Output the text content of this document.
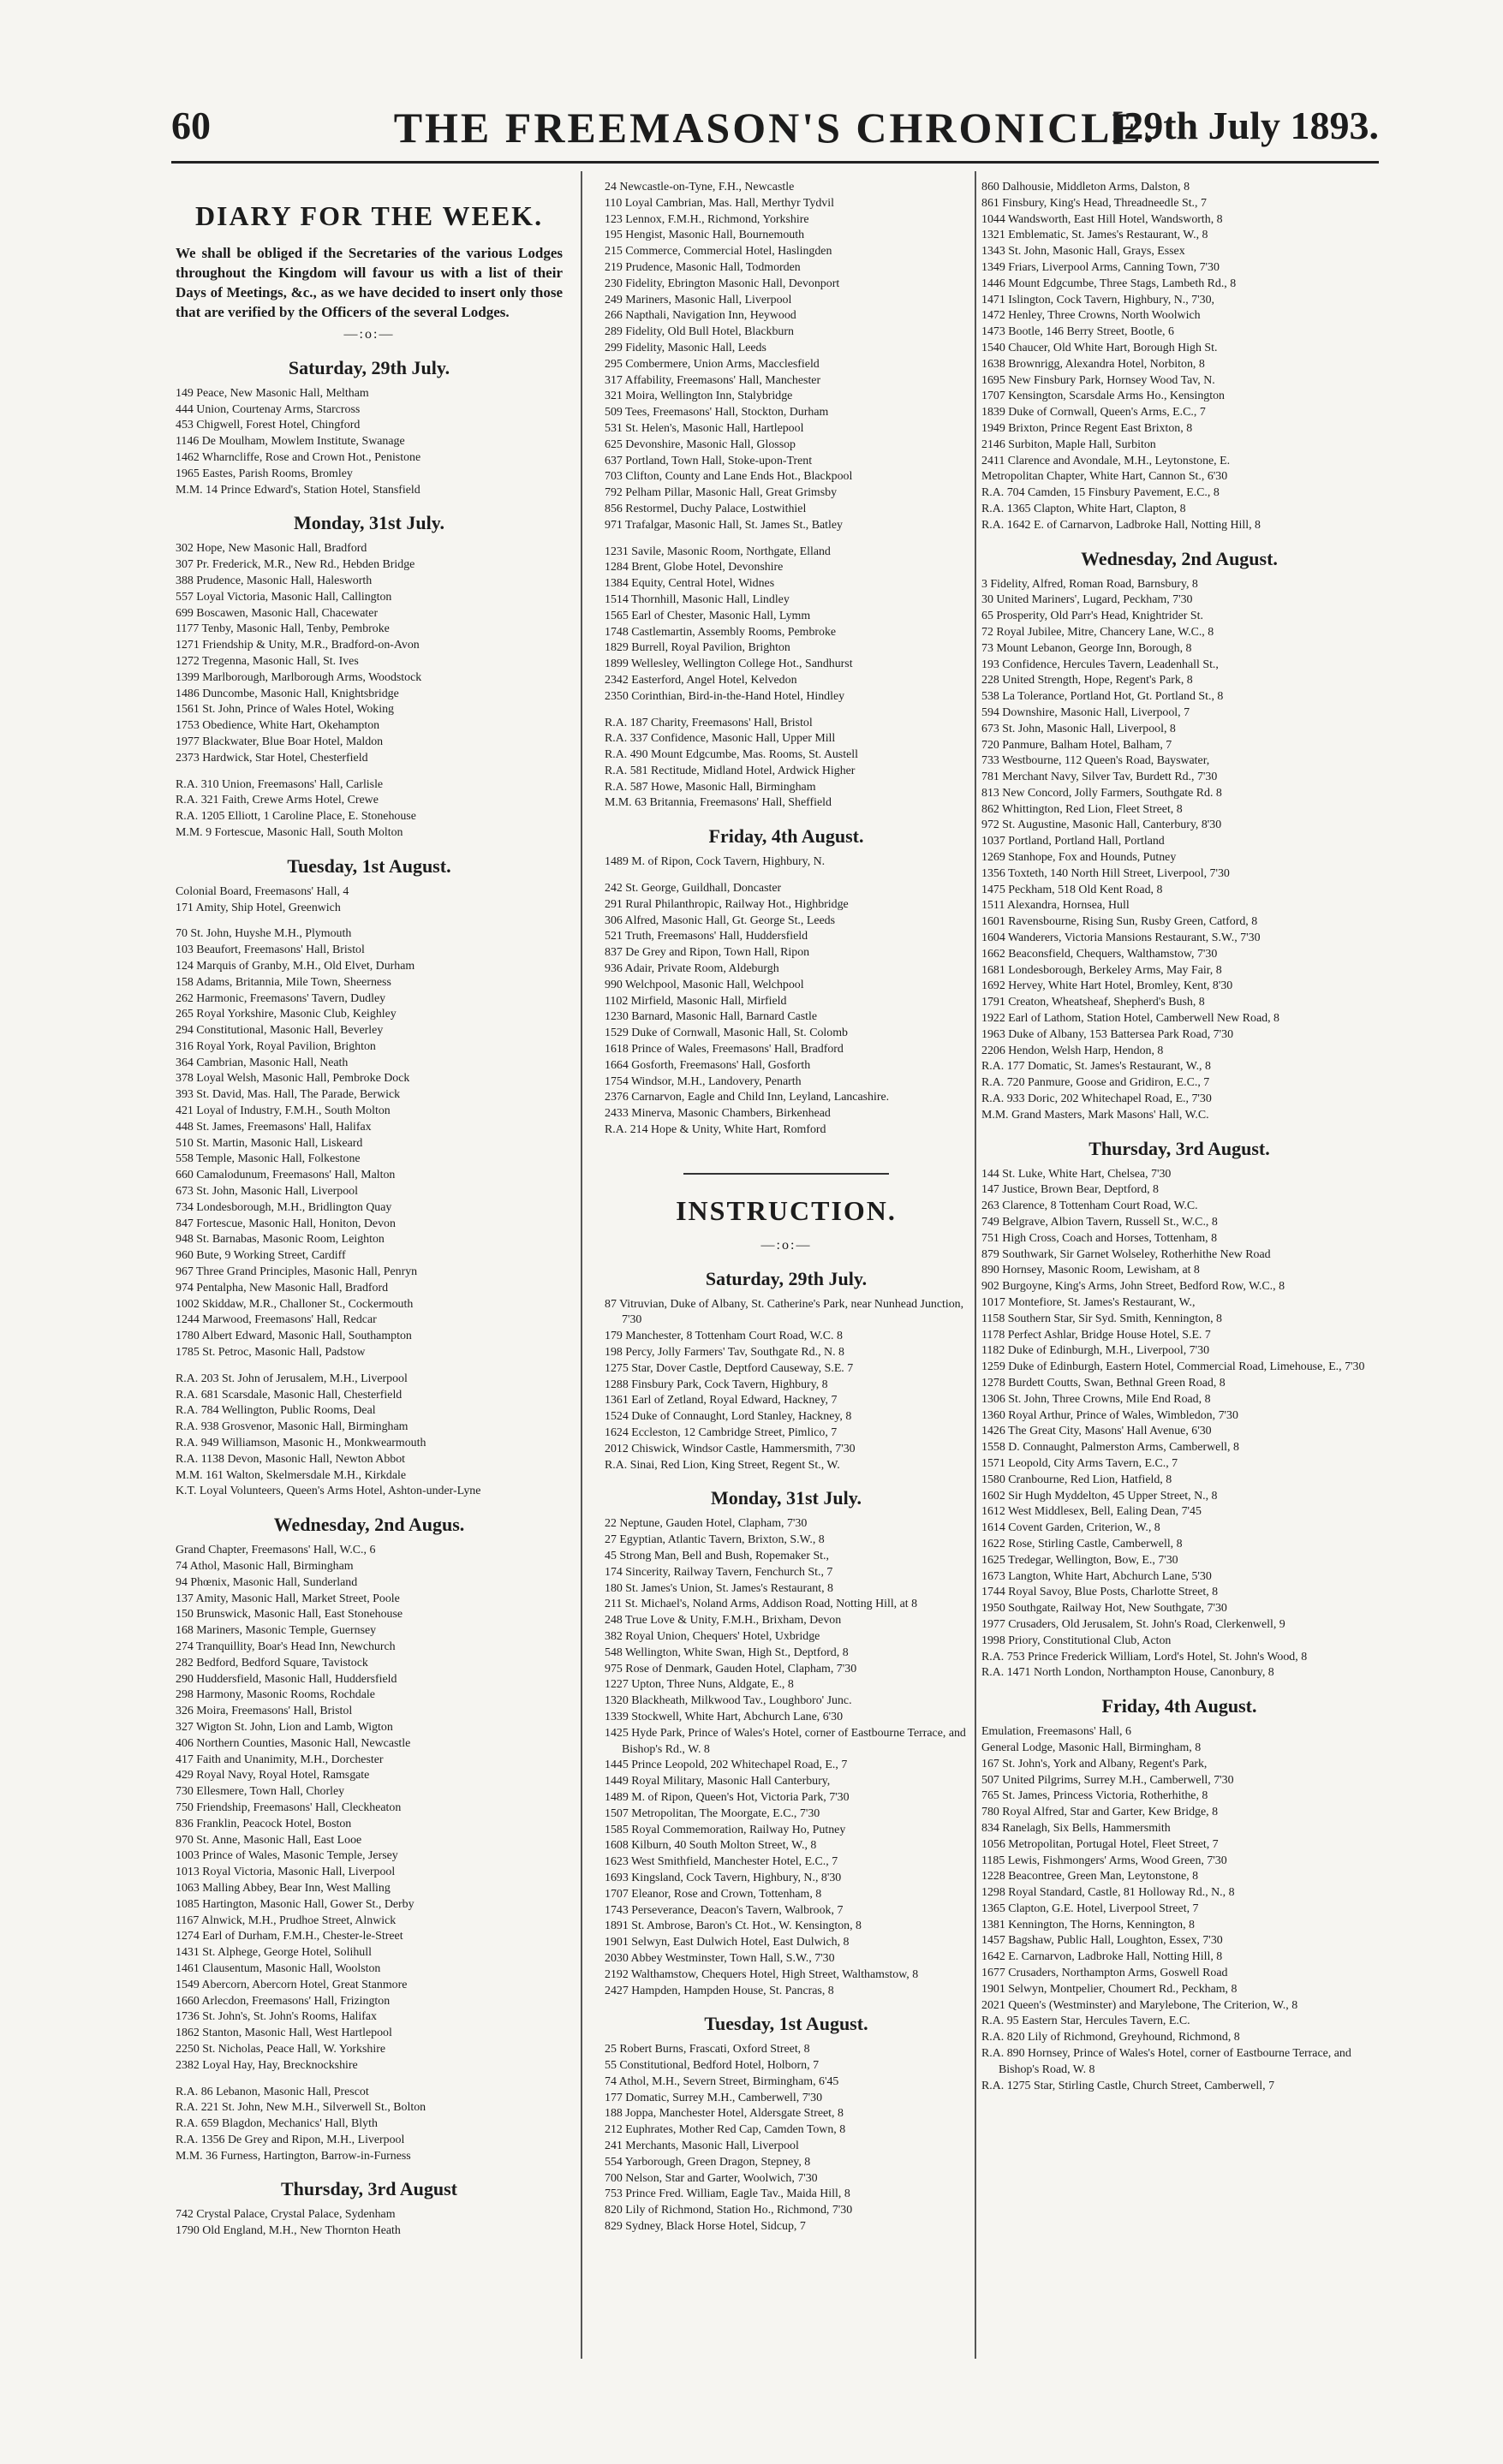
60	THE FREEMASON'S CHRONICLE.
[29th July 1893.
DIARY FOR THE WEEK.
We shall be obliged if the Secretaries of the various Lodges throughout the Kingdom will favour us with a list of their Days of Meetings, &c., as we have decided to insert only those that are verified by the Officers of the several Lodges.
—:o:—
Saturday, 29th July.

149 Peace, New Masonic Hall, Meltham

444 Union, Courtenay Arms, Starcross

453 Chigwell, Forest Hotel, Chingford

1146 De Moulham, Mowlem Institute, Swanage

1462 Wharncliffe, Rose and Crown Hot., Penistone

1965 Eastes, Parish Rooms, Bromley

M.M. 14 Prince Edward's, Station Hotel, Stansfield

Monday, 31st July.

302 Hope, New Masonic Hall, Bradford

307 Pr. Frederick, M.R., New Rd., Hebden Bridge

388 Prudence, Masonic Hall, Halesworth

557 Loyal Victoria, Masonic Hall, Callington

699 Boscawen, Masonic Hall, Chacewater

1177 Tenby, Masonic Hall, Tenby, Pembroke

1271 Friendship & Unity, M.R., Bradford-on-Avon

1272 Tregenna, Masonic Hall, St. Ives

1399 Marlborough, Marlborough Arms, Woodstock

1486 Duncombe, Masonic Hall, Knightsbridge

1561 St. John, Prince of Wales Hotel, Woking

1753 Obedience, White Hart, Okehampton

1977 Blackwater, Blue Boar Hotel, Maldon

2373 Hardwick, Star Hotel, Chesterfield

R.A. 310 Union, Freemasons' Hall, Carlisle

R.A. 321 Faith, Crewe Arms Hotel, Crewe

R.A. 1205 Elliott, 1 Caroline Place, E. Stonehouse

M.M. 9 Fortescue, Masonic Hall, South Molton

Tuesday, 1st August.

Colonial Board, Freemasons' Hall, 4

171 Amity, Ship Hotel, Greenwich

70 St. John, Huyshe M.H., Plymouth

103 Beaufort, Freemasons' Hall, Bristol

124 Marquis of Granby, M.H., Old Elvet, Durham

158 Adams, Britannia, Mile Town, Sheerness

262 Harmonic, Freemasons' Tavern, Dudley

265 Royal Yorkshire, Masonic Club, Keighley

294 Constitutional, Masonic Hall, Beverley

316 Royal York, Royal Pavilion, Brighton

364 Cambrian, Masonic Hall, Neath

378 Loyal Welsh, Masonic Hall, Pembroke Dock

393 St. David, Mas. Hall, The Parade, Berwick

421 Loyal of Industry, F.M.H., South Molton

448 St. James, Freemasons' Hall, Halifax

510 St. Martin, Masonic Hall, Liskeard

558 Temple, Masonic Hall, Folkestone

660 Camalodunum, Freemasons' Hall, Malton

673 St. John, Masonic Hall, Liverpool

734 Londesborough, M.H., Bridlington Quay

847 Fortescue, Masonic Hall, Honiton, Devon

948 St. Barnabas, Masonic Room, Leighton

960 Bute, 9 Working Street, Cardiff

967 Three Grand Principles, Masonic Hall, Penryn

974 Pentalpha, New Masonic Hall, Bradford

1002 Skiddaw, M.R., Challoner St., Cockermouth

1244 Marwood, Freemasons' Hall, Redcar

1780 Albert Edward, Masonic Hall, Southampton

1785 St. Petroc, Masonic Hall, Padstow

R.A. 203 St. John of Jerusalem, M.H., Liverpool

R.A. 681 Scarsdale, Masonic Hall, Chesterfield

R.A. 784 Wellington, Public Rooms, Deal

R.A. 938 Grosvenor, Masonic Hall, Birmingham

R.A. 949 Williamson, Masonic H., Monkwearmouth

R.A. 1138 Devon, Masonic Hall, Newton Abbot

M.M. 161 Walton, Skelmersdale M.H., Kirkdale

K.T. Loyal Volunteers, Queen's Arms Hotel, Ashton-under-Lyne

Wednesday, 2nd Augus.

Grand Chapter, Freemasons' Hall, W.C., 6

74 Athol, Masonic Hall, Birmingham

94 Phœnix, Masonic Hall, Sunderland

137 Amity, Masonic Hall, Market Street, Poole

150 Brunswick, Masonic Hall, East Stonehouse

168 Mariners, Masonic Temple, Guernsey

274 Tranquillity, Boar's Head Inn, Newchurch

282 Bedford, Bedford Square, Tavistock

290 Huddersfield, Masonic Hall, Huddersfield

298 Harmony, Masonic Rooms, Rochdale

326 Moira, Freemasons' Hall, Bristol

327 Wigton St. John, Lion and Lamb, Wigton

406 Northern Counties, Masonic Hall, Newcastle

417 Faith and Unanimity, M.H., Dorchester

429 Royal Navy, Royal Hotel, Ramsgate

730 Ellesmere, Town Hall, Chorley

750 Friendship, Freemasons' Hall, Cleckheaton

836 Franklin, Peacock Hotel, Boston

970 St. Anne, Masonic Hall, East Looe

1003 Prince of Wales, Masonic Temple, Jersey

1013 Royal Victoria, Masonic Hall, Liverpool

1063 Malling Abbey, Bear Inn, West Malling

1085 Hartington, Masonic Hall, Gower St., Derby

1167 Alnwick, M.H., Prudhoe Street, Alnwick

1274 Earl of Durham, F.M.H., Chester-le-Street

1431 St. Alphege, George Hotel, Solihull

1461 Clausentum, Masonic Hall, Woolston

1549 Abercorn, Abercorn Hotel, Great Stanmore

1660 Arlecdon, Freemasons' Hall, Frizington

1736 St. John's, St. John's Rooms, Halifax

1862 Stanton, Masonic Hall, West Hartlepool

2250 St. Nicholas, Peace Hall, W. Yorkshire

2382 Loyal Hay, Hay, Brecknockshire

R.A. 86 Lebanon, Masonic Hall, Prescot

R.A. 221 St. John, New M.H., Silverwell St., Bolton

R.A. 659 Blagdon, Mechanics' Hall, Blyth

R.A. 1356 De Grey and Ripon, M.H., Liverpool

M.M. 36 Furness, Hartington, Barrow-in-Furness

Thursday, 3rd August

742 Crystal Palace, Crystal Palace, Sydenham

1790 Old England, M.H., New Thornton Heath

24 Newcastle-on-Tyne, F.H., Newcastle

110 Loyal Cambrian, Mas. Hall, Merthyr Tydvil

123 Lennox, F.M.H., Richmond, Yorkshire

195 Hengist, Masonic Hall, Bournemouth

215 Commerce, Commercial Hotel, Haslingden

219 Prudence, Masonic Hall, Todmorden

230 Fidelity, Ebrington Masonic Hall, Devonport

249 Mariners, Masonic Hall, Liverpool

266 Napthali, Navigation Inn, Heywood

289 Fidelity, Old Bull Hotel, Blackburn

299 Fidelity, Masonic Hall, Leeds

295 Combermere, Union Arms, Macclesfield

317 Affability, Freemasons' Hall, Manchester

321 Moira, Wellington Inn, Stalybridge

509 Tees, Freemasons' Hall, Stockton, Durham

531 St. Helen's, Masonic Hall, Hartlepool

625 Devonshire, Masonic Hall, Glossop

637 Portland, Town Hall, Stoke-upon-Trent

703 Clifton, County and Lane Ends Hot., Blackpool

792 Pelham Pillar, Masonic Hall, Great Grimsby

856 Restormel, Duchy Palace, Lostwithiel

971 Trafalgar, Masonic Hall, St. James St., Batley

1231 Savile, Masonic Room, Northgate, Elland

1284 Brent, Globe Hotel, Devonshire

1384 Equity, Central Hotel, Widnes

1514 Thornhill, Masonic Hall, Lindley

1565 Earl of Chester, Masonic Hall, Lymm

1748 Castlemartin, Assembly Rooms, Pembroke

1829 Burrell, Royal Pavilion, Brighton

1899 Wellesley, Wellington College Hot., Sandhurst

2342 Easterford, Angel Hotel, Kelvedon

2350 Corinthian, Bird-in-the-Hand Hotel, Hindley

R.A. 187 Charity, Freemasons' Hall, Bristol

R.A. 337 Confidence, Masonic Hall, Upper Mill

R.A. 490 Mount Edgcumbe, Mas. Rooms, St. Austell

R.A. 581 Rectitude, Midland Hotel, Ardwick Higher

R.A. 587 Howe, Masonic Hall, Birmingham

M.M. 63 Britannia, Freemasons' Hall, Sheffield

Friday, 4th August.

1489 M. of Ripon, Cock Tavern, Highbury, N.

242 St. George, Guildhall, Doncaster

291 Rural Philanthropic, Railway Hot., Highbridge

306 Alfred, Masonic Hall, Gt. George St., Leeds

521 Truth, Freemasons' Hall, Huddersfield

837 De Grey and Ripon, Town Hall, Ripon

936 Adair, Private Room, Aldeburgh

990 Welchpool, Masonic Hall, Welchpool

1102 Mirfield, Masonic Hall, Mirfield

1230 Barnard, Masonic Hall, Barnard Castle

1529 Duke of Cornwall, Masonic Hall, St. Colomb

1618 Prince of Wales, Freemasons' Hall, Bradford

1664 Gosforth, Freemasons' Hall, Gosforth

1754 Windsor, M.H., Landovery, Penarth

2376 Carnarvon, Eagle and Child Inn, Leyland, Lancashire.

2433 Minerva, Masonic Chambers, Birkenhead

R.A. 214 Hope & Unity, White Hart, Romford

INSTRUCTION.
—:o:—
Saturday, 29th July.

87 Vitruvian, Duke of Albany, St. Catherine's Park, near Nunhead Junction, 7'30

179 Manchester, 8 Tottenham Court Road, W.C. 8

198 Percy, Jolly Farmers' Tav, Southgate Rd., N. 8

1275 Star, Dover Castle, Deptford Causeway, S.E. 7

1288 Finsbury Park, Cock Tavern, Highbury, 8

1361 Earl of Zetland, Royal Edward, Hackney, 7

1524 Duke of Connaught, Lord Stanley, Hackney, 8

1624 Eccleston, 12 Cambridge Street, Pimlico, 7

2012 Chiswick, Windsor Castle, Hammersmith, 7'30

R.A. Sinai, Red Lion, King Street, Regent St., W.

Monday, 31st July.

22 Neptune, Gauden Hotel, Clapham, 7'30

27 Egyptian, Atlantic Tavern, Brixton, S.W., 8

45 Strong Man, Bell and Bush, Ropemaker St.,

174 Sincerity, Railway Tavern, Fenchurch St., 7

180 St. James's Union, St. James's Restaurant, 8

211 St. Michael's, Noland Arms, Addison Road, Notting Hill, at 8

248 True Love & Unity, F.M.H., Brixham, Devon

382 Royal Union, Chequers' Hotel, Uxbridge

548 Wellington, White Swan, High St., Deptford, 8

975 Rose of Denmark, Gauden Hotel, Clapham, 7'30

1227 Upton, Three Nuns, Aldgate, E., 8

1320 Blackheath, Milkwood Tav., Loughboro' Junc.

1339 Stockwell, White Hart, Abchurch Lane, 6'30

1425 Hyde Park, Prince of Wales's Hotel, corner of Eastbourne Terrace, and Bishop's Rd., W. 8

1445 Prince Leopold, 202 Whitechapel Road, E., 7

1449 Royal Military, Masonic Hall Canterbury,

1489 M. of Ripon, Queen's Hot, Victoria Park, 7'30

1507 Metropolitan, The Moorgate, E.C., 7'30

1585 Royal Commemoration, Railway Ho, Putney

1608 Kilburn, 40 South Molton Street, W., 8

1623 West Smithfield, Manchester Hotel, E.C., 7

1693 Kingsland, Cock Tavern, Highbury, N., 8'30

1707 Eleanor, Rose and Crown, Tottenham, 8

1743 Perseverance, Deacon's Tavern, Walbrook, 7

1891 St. Ambrose, Baron's Ct. Hot., W. Kensington, 8

1901 Selwyn, East Dulwich Hotel, East Dulwich, 8

2030 Abbey Westminster, Town Hall, S.W., 7'30

2192 Walthamstow, Chequers Hotel, High Street, Walthamstow, 8

2427 Hampden, Hampden House, St. Pancras, 8

Tuesday, 1st August.

25 Robert Burns, Frascati, Oxford Street, 8

55 Constitutional, Bedford Hotel, Holborn, 7

74 Athol, M.H., Severn Street, Birmingham, 6'45

177 Domatic, Surrey M.H., Camberwell, 7'30

188 Joppa, Manchester Hotel, Aldersgate Street, 8

212 Euphrates, Mother Red Cap, Camden Town, 8

241 Merchants, Masonic Hall, Liverpool

554 Yarborough, Green Dragon, Stepney, 8

700 Nelson, Star and Garter, Woolwich, 7'30

753 Prince Fred. William, Eagle Tav., Maida Hill, 8

820 Lily of Richmond, Station Ho., Richmond, 7'30

829 Sydney, Black Horse Hotel, Sidcup, 7

860 Dalhousie, Middleton Arms, Dalston, 8

861 Finsbury, King's Head, Threadneedle St., 7

1044 Wandsworth, East Hill Hotel, Wandsworth, 8

1321 Emblematic, St. James's Restaurant, W., 8

1343 St. John, Masonic Hall, Grays, Essex

1349 Friars, Liverpool Arms, Canning Town, 7'30

1446 Mount Edgcumbe, Three Stags, Lambeth Rd., 8

1471 Islington, Cock Tavern, Highbury, N., 7'30,

1472 Henley, Three Crowns, North Woolwich

1473 Bootle, 146 Berry Street, Bootle, 6

1540 Chaucer, Old White Hart, Borough High St.

1638 Brownrigg, Alexandra Hotel, Norbiton, 8

1695 New Finsbury Park, Hornsey Wood Tav, N.

1707 Kensington, Scarsdale Arms Ho., Kensington

1839 Duke of Cornwall, Queen's Arms, E.C., 7

1949 Brixton, Prince Regent East Brixton, 8

2146 Surbiton, Maple Hall, Surbiton

2411 Clarence and Avondale, M.H., Leytonstone, E.

Metropolitan Chapter, White Hart, Cannon St., 6'30

R.A. 704 Camden, 15 Finsbury Pavement, E.C., 8

R.A. 1365 Clapton, White Hart, Clapton, 8

R.A. 1642 E. of Carnarvon, Ladbroke Hall, Notting Hill, 8

Wednesday, 2nd August.

3 Fidelity, Alfred, Roman Road, Barnsbury, 8

30 United Mariners', Lugard, Peckham, 7'30

65 Prosperity, Old Parr's Head, Knightrider St.

72 Royal Jubilee, Mitre, Chancery Lane, W.C., 8

73 Mount Lebanon, George Inn, Borough, 8

193 Confidence, Hercules Tavern, Leadenhall St.,

228 United Strength, Hope, Regent's Park, 8

538 La Tolerance, Portland Hot, Gt. Portland St., 8

594 Downshire, Masonic Hall, Liverpool, 7

673 St. John, Masonic Hall, Liverpool, 8

720 Panmure, Balham Hotel, Balham, 7

733 Westbourne, 112 Queen's Road, Bayswater,

781 Merchant Navy, Silver Tav, Burdett Rd., 7'30

813 New Concord, Jolly Farmers, Southgate Rd. 8

862 Whittington, Red Lion, Fleet Street, 8

972 St. Augustine, Masonic Hall, Canterbury, 8'30

1037 Portland, Portland Hall, Portland

1269 Stanhope, Fox and Hounds, Putney

1356 Toxteth, 140 North Hill Street, Liverpool, 7'30

1475 Peckham, 518 Old Kent Road, 8

1511 Alexandra, Hornsea, Hull

1601 Ravensbourne, Rising Sun, Rusby Green, Catford, 8

1604 Wanderers, Victoria Mansions Restaurant, S.W., 7'30

1662 Beaconsfield, Chequers, Walthamstow, 7'30

1681 Londesborough, Berkeley Arms, May Fair, 8

1692 Hervey, White Hart Hotel, Bromley, Kent, 8'30

1791 Creaton, Wheatsheaf, Shepherd's Bush, 8

1922 Earl of Lathom, Station Hotel, Camberwell New Road, 8

1963 Duke of Albany, 153 Battersea Park Road, 7'30

2206 Hendon, Welsh Harp, Hendon, 8

R.A. 177 Domatic, St. James's Restaurant, W., 8

R.A. 720 Panmure, Goose and Gridiron, E.C., 7

R.A. 933 Doric, 202 Whitechapel Road, E., 7'30

M.M. Grand Masters, Mark Masons' Hall, W.C.

Thursday, 3rd August.

144 St. Luke, White Hart, Chelsea, 7'30

147 Justice, Brown Bear, Deptford, 8

263 Clarence, 8 Tottenham Court Road, W.C.

749 Belgrave, Albion Tavern, Russell St., W.C., 8

751 High Cross, Coach and Horses, Tottenham, 8

879 Southwark, Sir Garnet Wolseley, Rotherhithe New Road

890 Hornsey, Masonic Room, Lewisham, at 8

902 Burgoyne, King's Arms, John Street, Bedford Row, W.C., 8

1017 Montefiore, St. James's Restaurant, W.,

1158 Southern Star, Sir Syd. Smith, Kennington, 8

1178 Perfect Ashlar, Bridge House Hotel, S.E. 7

1182 Duke of Edinburgh, M.H., Liverpool, 7'30

1259 Duke of Edinburgh, Eastern Hotel, Commercial Road, Limehouse, E., 7'30

1278 Burdett Coutts, Swan, Bethnal Green Road, 8

1306 St. John, Three Crowns, Mile End Road, 8

1360 Royal Arthur, Prince of Wales, Wimbledon, 7'30

1426 The Great City, Masons' Hall Avenue, 6'30

1558 D. Connaught, Palmerston Arms, Camberwell, 8

1571 Leopold, City Arms Tavern, E.C., 7

1580 Cranbourne, Red Lion, Hatfield, 8

1602 Sir Hugh Myddelton, 45 Upper Street, N., 8

1612 West Middlesex, Bell, Ealing Dean, 7'45

1614 Covent Garden, Criterion, W., 8

1622 Rose, Stirling Castle, Camberwell, 8

1625 Tredegar, Wellington, Bow, E., 7'30

1673 Langton, White Hart, Abchurch Lane, 5'30

1744 Royal Savoy, Blue Posts, Charlotte Street, 8

1950 Southgate, Railway Hot, New Southgate, 7'30

1977 Crusaders, Old Jerusalem, St. John's Road, Clerkenwell, 9

1998 Priory, Constitutional Club, Acton

R.A. 753 Prince Frederick William, Lord's Hotel, St. John's Wood, 8

R.A. 1471 North London, Northampton House, Canonbury, 8

Friday, 4th August.

Emulation, Freemasons' Hall, 6

General Lodge, Masonic Hall, Birmingham, 8

167 St. John's, York and Albany, Regent's Park,

507 United Pilgrims, Surrey M.H., Camberwell, 7'30

765 St. James, Princess Victoria, Rotherhithe, 8

780 Royal Alfred, Star and Garter, Kew Bridge, 8

834 Ranelagh, Six Bells, Hammersmith

1056 Metropolitan, Portugal Hotel, Fleet Street, 7

1185 Lewis, Fishmongers' Arms, Wood Green, 7'30

1228 Beacontree, Green Man, Leytonstone, 8

1298 Royal Standard, Castle, 81 Holloway Rd., N., 8

1365 Clapton, G.E. Hotel, Liverpool Street, 7

1381 Kennington, The Horns, Kennington, 8

1457 Bagshaw, Public Hall, Loughton, Essex, 7'30

1642 E. Carnarvon, Ladbroke Hall, Notting Hill, 8

1677 Crusaders, Northampton Arms, Goswell Road

1901 Selwyn, Montpelier, Choumert Rd., Peckham, 8

2021 Queen's (Westminster) and Marylebone, The Criterion, W., 8

R.A. 95 Eastern Star, Hercules Tavern, E.C.

R.A. 820 Lily of Richmond, Greyhound, Richmond, 8

R.A. 890 Hornsey, Prince of Wales's Hotel, corner of Eastbourne Terrace, and Bishop's Road, W. 8

R.A. 1275 Star, Stirling Castle, Church Street, Camberwell, 7
